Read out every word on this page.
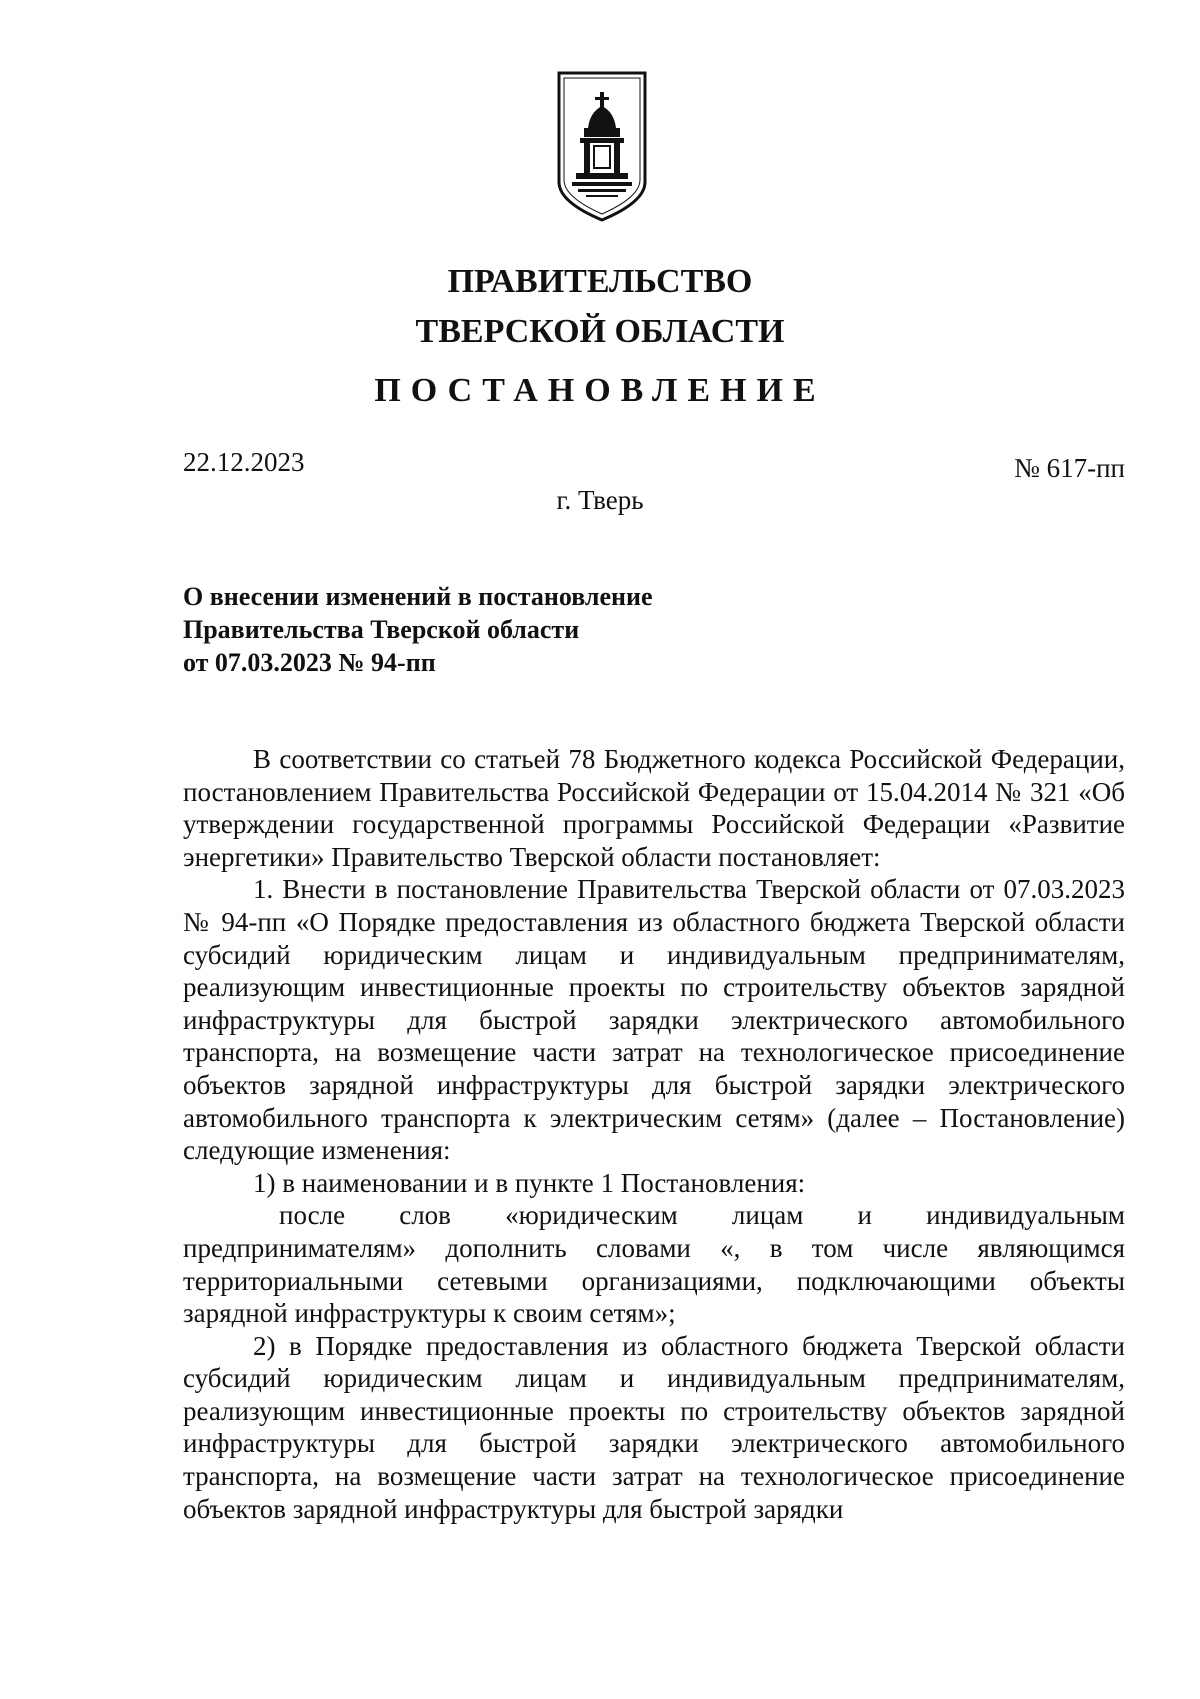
ПРАВИТЕЛЬСТВО
ТВЕРСКОЙ ОБЛАСТИ
ПОСТАНОВЛЕНИЕ
22.12.2023	№ 617-пп
г. Тверь
О внесении изменений в постановление
Правительства Тверской области
от 07.03.2023 № 94-пп

В соответствии со статьей 78 Бюджетного кодекса Российской Федерации, постановлением Правительства Российской Федерации от 15.04.2014 № 321 «Об утверждении государственной программы Российской Федерации «Развитие энергетики» Правительство Тверской области постановляет:

1. Внести в постановление Правительства Тверской области от 07.03.2023 № 94-пп «О Порядке предоставления из областного бюджета Тверской области субсидий юридическим лицам и индивидуальным предпринимателям, реализующим инвестиционные проекты по строительству объектов зарядной инфраструктуры для быстрой зарядки электрического автомобильного транспорта, на возмещение части затрат на технологическое присоединение объектов зарядной инфраструктуры для быстрой зарядки электрического автомобильного транспорта к электрическим сетям» (далее – Постановление) следующие изменения:

1) в наименовании и в пункте 1 Постановления:

после слов «юридическим лицам и индивидуальным предпринимателям» дополнить словами «, в том числе являющимся территориальными сетевыми организациями, подключающими объекты зарядной инфраструктуры к своим сетям»;

2) в Порядке предоставления из областного бюджета Тверской области субсидий юридическим лицам и индивидуальным предпринимателям, реализующим инвестиционные проекты по строительству объектов зарядной инфраструктуры для быстрой зарядки электрического автомобильного транспорта, на возмещение части затрат на технологическое присоединение объектов зарядной инфраструктуры для быстрой зарядки
